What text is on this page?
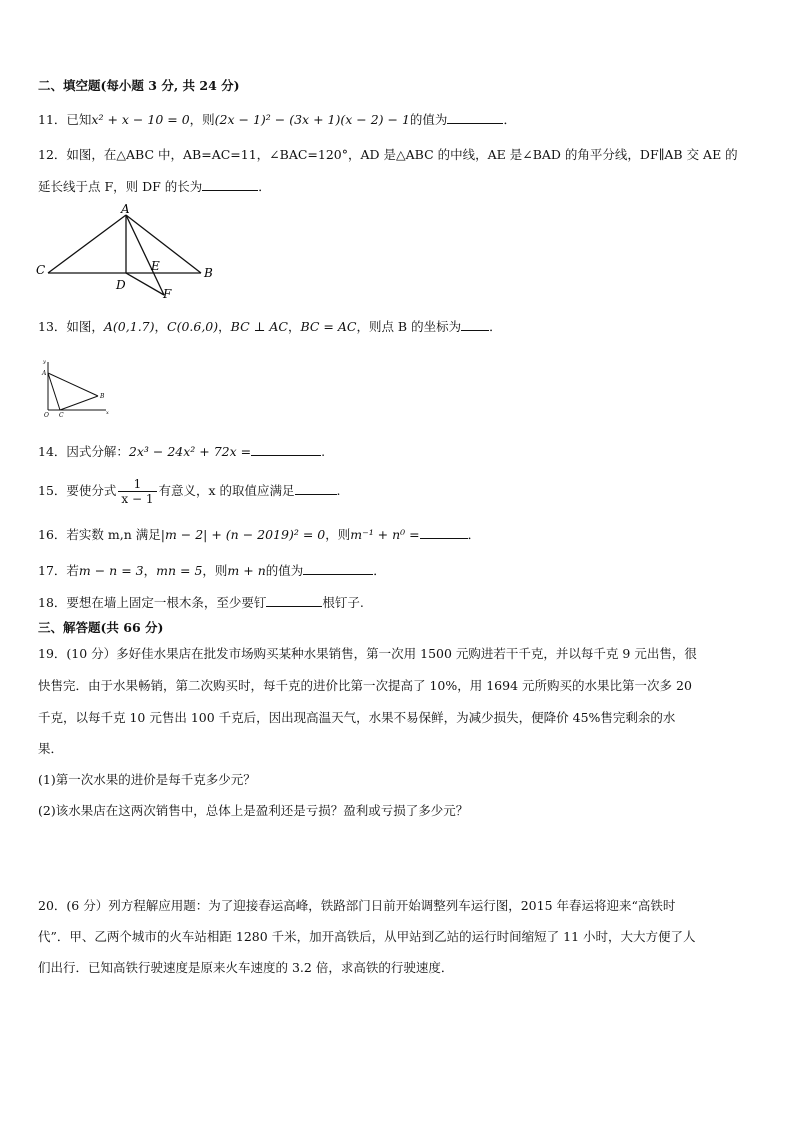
二、填空题(每小题 3 分, 共 24 分)
11．已知x² + x − 10 = 0，则(2x − 1)² − (3x + 1)(x − 2) − 1的值为	．
12．如图，在△ABC 中，AB=AC=11，∠BAC=120°，AD 是△ABC 的中线，AE 是∠BAD 的角平分线，DF∥AB 交 AE 的
延长线于点 F，则 DF 的长为	．
A
B
C
D
E
F
13．如图，A(0,1.7)，C(0.6,0)，BC ⊥ AC，BC = AC，则点 B 的坐标为 ．
y
x
A
B
C
O
14．因式分解：2x³ − 24x² + 72x =	.
15．要使分式 $\frac{1}{x - 1}$ 有意义，x 的取值应满足	.
16．若实数 m,n 满足|m − 2| + (n − 2019)² = 0，则m⁻¹ + n⁰ =	．
17．若m − n = 3，mn = 5，则m + n的值为	．
18．要想在墙上固定一根木条，至少要钉	根钉子.
三、解答题(共 66 分)
19．(10 分）多好佳水果店在批发市场购买某种水果销售，第一次用 1500 元购进若干千克，并以每千克 9 元出售，很
快售完．由于水果畅销，第二次购买时，每千克的进价比第一次提高了 10%，用 1694 元所购买的水果比第一次多 20
千克，以每千克 10 元售出 100 千克后，因出现高温天气，水果不易保鲜，为减少损失，便降价 45%售完剩余的水
果．
(1)第一次水果的进价是每千克多少元？
(2)该水果店在这两次销售中，总体上是盈利还是亏损？盈利或亏损了多少元？
20．(6 分）列方程解应用题：为了迎接春运高峰，铁路部门日前开始调整列车运行图，2015 年春运将迎来“高铁时
代”．甲、乙两个城市的火车站相距 1280 千米，加开高铁后，从甲站到乙站的运行时间缩短了 11 小时，大大方便了人
们出行．已知高铁行驶速度是原来火车速度的 3.2 倍，求高铁的行驶速度．
